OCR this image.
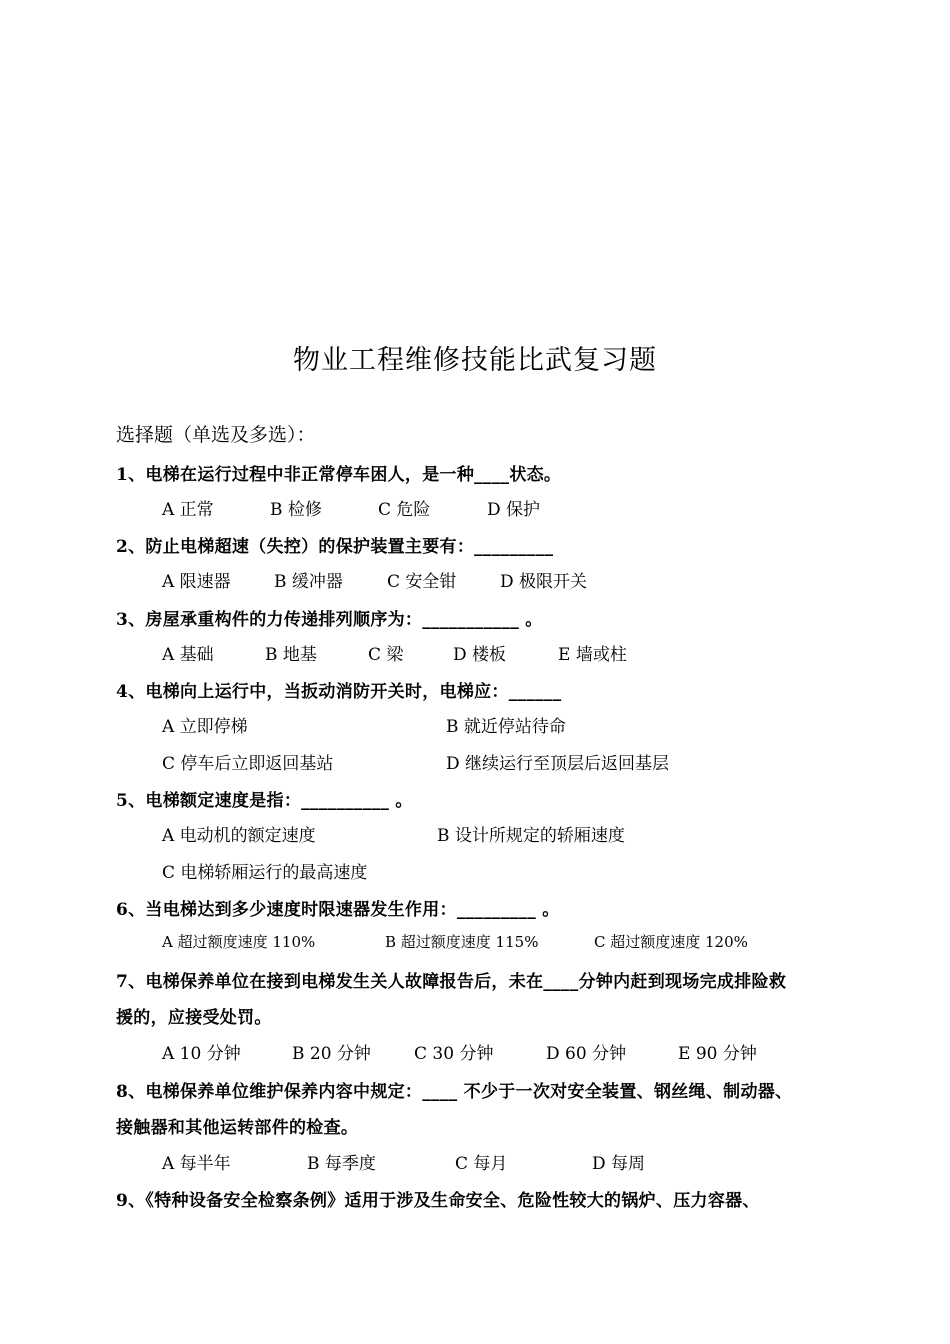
物业工程维修技能比武复习题
选择题（单选及多选）：
1、电梯在运行过程中非正常停车困人，是一种____状态。
A 正常	B 检修	C 危险	D 保护
2、防止电梯超速（失控）的保护装置主要有：_________
A 限速器	B 缓冲器	C 安全钳	D 极限开关
3、房屋承重构件的力传递排列顺序为：___________ 。
A 基础	B 地基	C 梁	D 楼板	E 墙或柱
4、电梯向上运行中，当扳动消防开关时，电梯应：______
A 立即停梯	B 就近停站待命
C 停车后立即返回基站	D 继续运行至顶层后返回基层
5、电梯额定速度是指：__________ 。
A 电动机的额定速度	B 设计所规定的轿厢速度
C 电梯轿厢运行的最高速度
6、当电梯达到多少速度时限速器发生作用：_________ 。
A 超过额度速度 110%	B 超过额度速度 115%	C 超过额度速度 120%
7、电梯保养单位在接到电梯发生关人故障报告后，未在____分钟内赶到现场完成排险救
援的，应接受处罚。
A 10 分钟	B 20 分钟	C 30 分钟	D 60 分钟	E 90 分钟
8、电梯保养单位维护保养内容中规定：____ 不少于一次对安全装置、钢丝绳、制动器、
接触器和其他运转部件的检查。
A 每半年	B 每季度	C 每月	D 每周
9、《特种设备安全检察条例》适用于涉及生命安全、危险性较大的锅炉、压力容器、
